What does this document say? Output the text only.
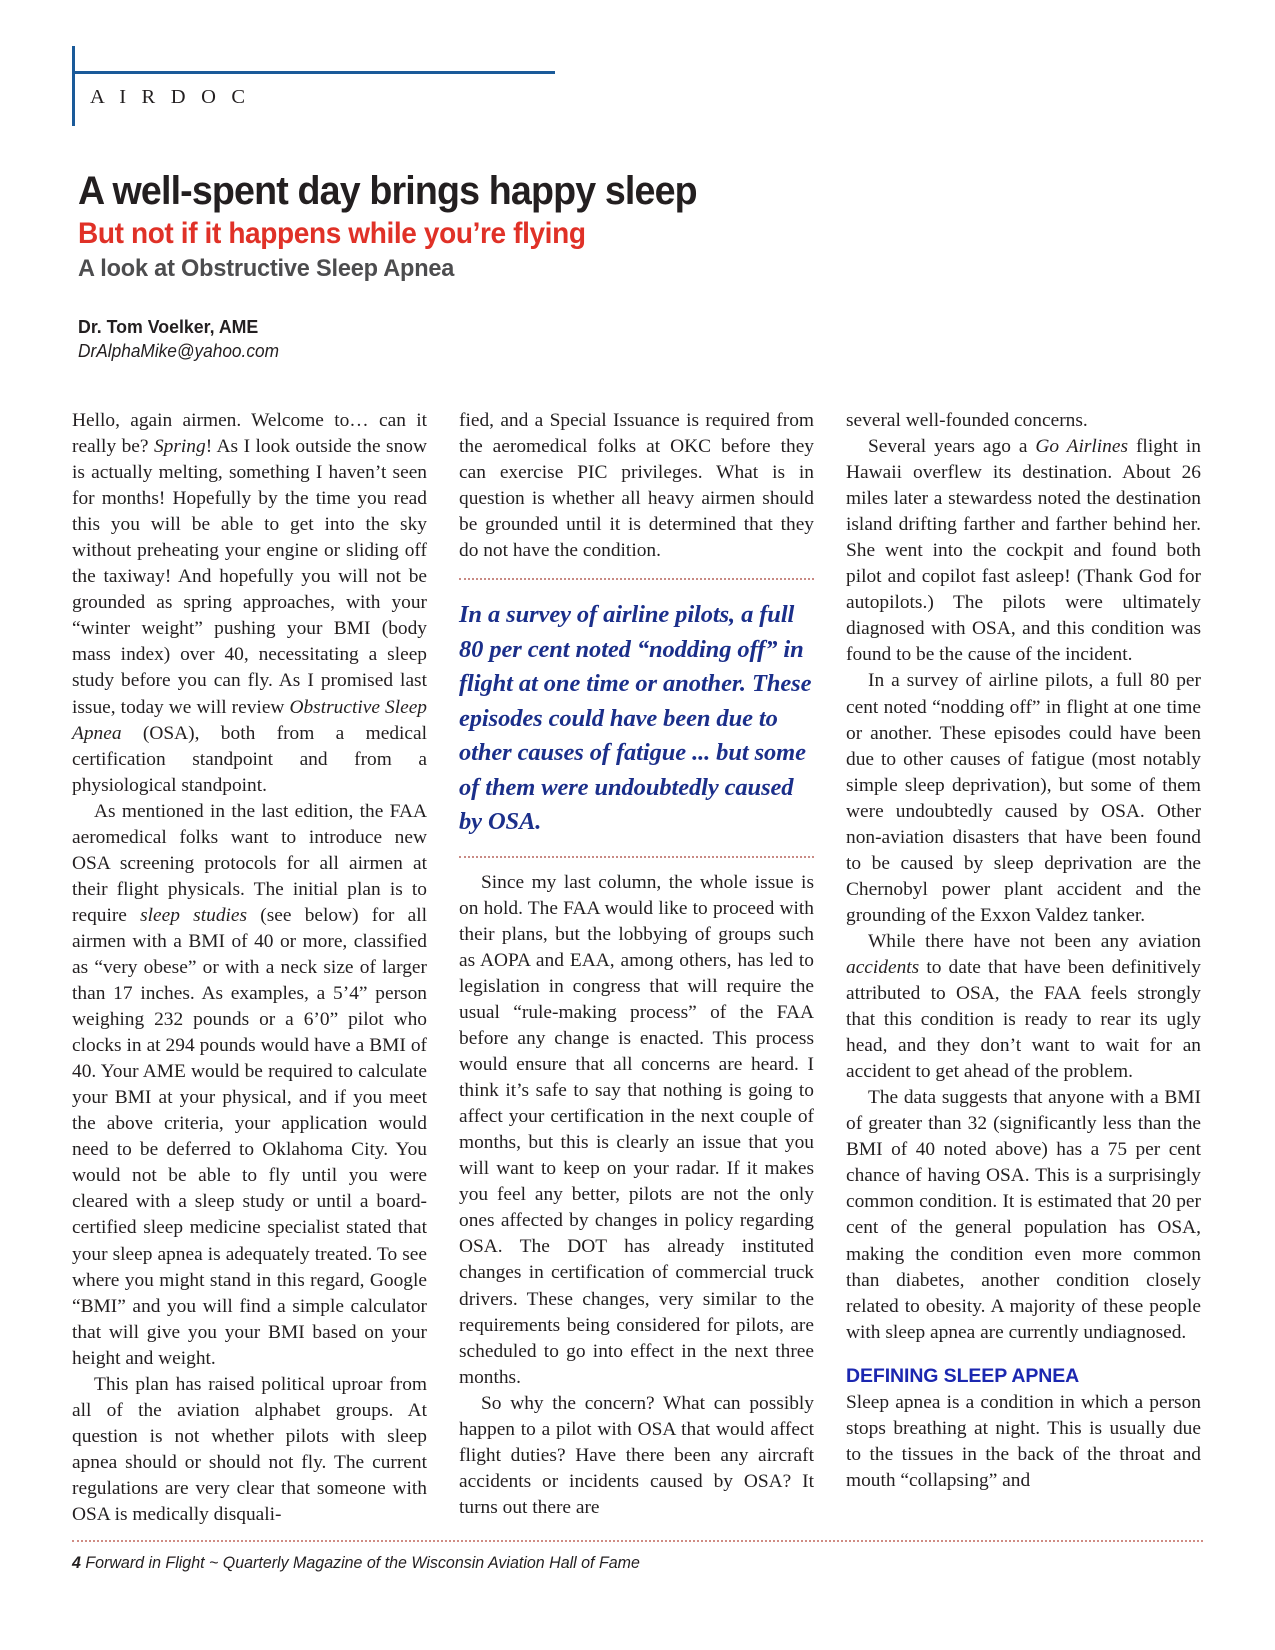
A I R D O C
A well-spent day brings happy sleep
But not if it happens while you’re flying
A look at Obstructive Sleep Apnea
Dr. Tom Voelker, AME
DrAlphaMike@yahoo.com

Hello, again airmen. Welcome to… can it really be? Spring! As I look outside the snow is actually melting, something I haven’t seen for months! Hopefully by the time you read this you will be able to get into the sky without preheating your engine or sliding off the taxiway! And hopefully you will not be grounded as spring approaches, with your “winter weight” pushing your BMI (body mass index) over 40, necessitating a sleep study before you can fly. As I promised last issue, today we will review Obstructive Sleep Apnea (OSA), both from a medical certification standpoint and from a physiological standpoint.

As mentioned in the last edition, the FAA aeromedical folks want to introduce new OSA screening protocols for all airmen at their flight physicals. The initial plan is to require sleep studies (see below) for all airmen with a BMI of 40 or more, classified as “very obese” or with a neck size of larger than 17 inches. As examples, a 5’4” person weighing 232 pounds or a 6’0” pilot who clocks in at 294 pounds would have a BMI of 40. Your AME would be required to calculate your BMI at your physical, and if you meet the above criteria, your application would need to be deferred to Oklahoma City. You would not be able to fly until you were cleared with a sleep study or until a board-certified sleep medicine specialist stated that your sleep apnea is adequately treated. To see where you might stand in this regard, Google “BMI” and you will find a simple calculator that will give you your BMI based on your height and weight.

This plan has raised political uproar from all of the aviation alphabet groups. At question is not whether pilots with sleep apnea should or should not fly. The current regulations are very clear that someone with OSA is medically disquali-

fied, and a Special Issuance is required from the aeromedical folks at OKC before they can exercise PIC privileges. What is in question is whether all heavy airmen should be grounded until it is determined that they do not have the condition.

In a survey of airline pilots, a full 80 per cent noted “nodding off” in flight at one time or another. These episodes could have been due to other causes of fatigue ... but some of them were undoubtedly caused by OSA.

Since my last column, the whole issue is on hold. The FAA would like to proceed with their plans, but the lobbying of groups such as AOPA and EAA, among others, has led to legislation in congress that will require the usual “rule-making process” of the FAA before any change is enacted. This process would ensure that all concerns are heard. I think it’s safe to say that nothing is going to affect your certification in the next couple of months, but this is clearly an issue that you will want to keep on your radar. If it makes you feel any better, pilots are not the only ones affected by changes in policy regarding OSA. The DOT has already instituted changes in certification of commercial truck drivers. These changes, very similar to the requirements being considered for pilots, are scheduled to go into effect in the next three months.

So why the concern? What can possibly happen to a pilot with OSA that would affect flight duties? Have there been any aircraft accidents or incidents caused by OSA? It turns out there are

several well-founded concerns.

Several years ago a Go Airlines flight in Hawaii overflew its destination. About 26 miles later a stewardess noted the destination island drifting farther and farther behind her. She went into the cockpit and found both pilot and copilot fast asleep! (Thank God for autopilots.) The pilots were ultimately diagnosed with OSA, and this condition was found to be the cause of the incident.

In a survey of airline pilots, a full 80 per cent noted “nodding off” in flight at one time or another. These episodes could have been due to other causes of fatigue (most notably simple sleep deprivation), but some of them were undoubtedly caused by OSA. Other non-aviation disasters that have been found to be caused by sleep deprivation are the Chernobyl power plant accident and the grounding of the Exxon Valdez tanker.

While there have not been any aviation accidents to date that have been definitively attributed to OSA, the FAA feels strongly that this condition is ready to rear its ugly head, and they don’t want to wait for an accident to get ahead of the problem.

The data suggests that anyone with a BMI of greater than 32 (significantly less than the BMI of 40 noted above) has a 75 per cent chance of having OSA. This is a surprisingly common condition. It is estimated that 20 per cent of the general population has OSA, making the condition even more common than diabetes, another condition closely related to obesity. A majority of these people with sleep apnea are currently undiagnosed.

DEFINING SLEEP APNEA

Sleep apnea is a condition in which a person stops breathing at night. This is usually due to the tissues in the back of the throat and mouth “collapsing” and

4 Forward in Flight ~ Quarterly Magazine of the Wisconsin Aviation Hall of Fame
